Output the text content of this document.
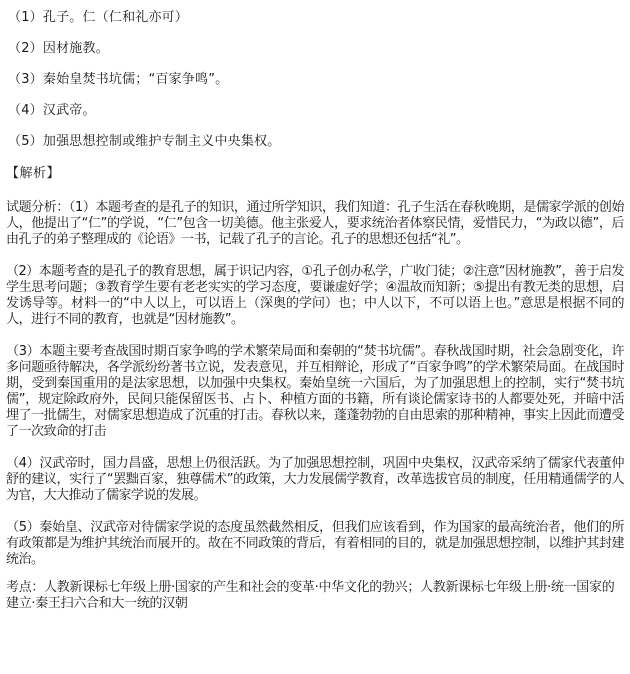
（1）孔子。仁（仁和礼亦可）
（2）因材施教。
（3）秦始皇焚书坑儒；“百家争鸣”。
（4）汉武帝。
（5）加强思想控制或维护专制主义中央集权。
【解析】
试题分析：（1）本题考查的是孔子的知识，通过所学知识，我们知道：孔子生活在春秋晚期，是儒家学派的创始人，他提出了“仁”的学说，“仁”包含一切美德。他主张爱人，要求统治者体察民情，爱惜民力，“为政以德”，后由孔子的弟子整理成的《论语》一书，记载了孔子的言论。孔子的思想还包括“礼”。
（2）本题考查的是孔子的教育思想，属于识记内容，①孔子创办私学，广收门徒；②注意“因材施教”，善于启发学生思考问题；③教育学生要有老老实实的学习态度，要谦虚好学；④温故而知新；⑤提出有教无类的思想，启发诱导等。材料一的“中人以上，可以语上（深奥的学问）也；中人以下，不可以语上也。”意思是根据不同的人，进行不同的教育，也就是“因材施教”。
（3）本题主要考查战国时期百家争鸣的学术繁荣局面和秦朝的“焚书坑儒”。春秋战国时期，社会急剧变化，许多问题亟待解决，各学派纷纷著书立说，发表意见，并互相辩论，形成了“百家争鸣”的学术繁荣局面。在战国时期，受到秦国重用的是法家思想，以加强中央集权。秦始皇统一六国后，为了加强思想上的控制，实行“焚书坑儒”，规定除政府外，民间只能保留医书、占卜、种植方面的书籍，所有谈论儒家诗书的人都要处死，并暗中活埋了一批儒生，对儒家思想造成了沉重的打击。春秋以来，蓬蓬勃勃的自由思索的那种精神，事实上因此而遭受了一次致命的打击
（4）汉武帝时，国力昌盛，思想上仍很活跃。为了加强思想控制，巩固中央集权，汉武帝采纳了儒家代表董仲舒的建议，实行了“罢黜百家，独尊儒术”的政策，大力发展儒学教育，改革选拔官员的制度，任用精通儒学的人为官，大大推动了儒家学说的发展。
（5）秦始皇、汉武帝对待儒家学说的态度虽然截然相反，但我们应该看到，作为国家的最高统治者，他们的所有政策都是为维护其统治而展开的。故在不同政策的背后，有着相同的目的，就是加强思想控制，以维护其封建统治。
考点：人教新课标七年级上册·国家的产生和社会的变革·中华文化的勃兴；人教新课标七年级上册·统一国家的建立·秦王扫六合和大一统的汉朝
